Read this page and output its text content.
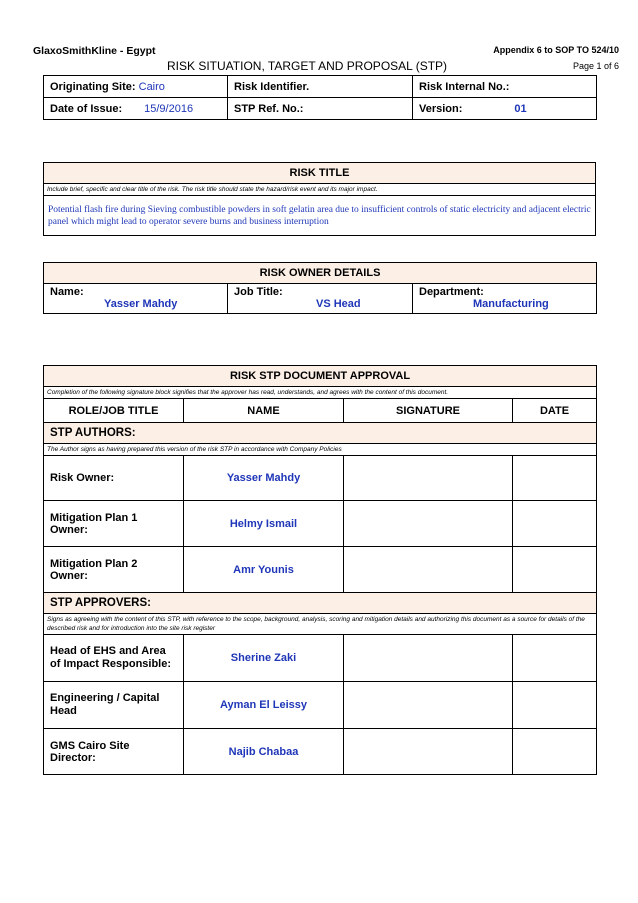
GlaxoSmithKline - Egypt	Appendix 6 to SOP TO 524/10
RISK SITUATION, TARGET AND PROPOSAL (STP)	Page 1 of 6
Originating Site: Cairo	Risk Identifier.	Risk Internal No.:
Date of Issue: 15/9/2016	STP Ref. No.:	Version: 01
RISK TITLE
Include brief, specific and clear title of the risk. The risk title should state the hazard/risk event and its major impact.
Potential flash fire during Sieving combustible powders in soft gelatin area due to insufficient controls of static electricity and adjacent electric panel which might lead to operator severe burns and business interruption
RISK OWNER DETAILS

Name:
Yasser Mahdy

Job Title:
VS Head

Department:
Manufacturing
RISK STP DOCUMENT APPROVAL			
Completion of the following signature block signifies that the approver has read, understands, and agrees with the content of this document.			
ROLE/JOB TITLE	NAME	SIGNATURE	DATE
STP AUTHORS:			
The Author signs as having prepared this version of the risk STP in accordance with Company Policies			
Risk Owner:	Yasser Mahdy		
Mitigation Plan 1 Owner:	Helmy Ismail		
Mitigation Plan 2 Owner:	Amr Younis		
STP APPROVERS:			
Signs as agreeing with the content of this STP, with reference to the scope, background, analysis, scoring and mitigation details and authorizing this document as a source for details of the described risk and for introduction into the site risk register			
Head of EHS and Area of Impact Responsible:	Sherine Zaki		
Engineering / Capital Head	Ayman El Leissy		
GMS Cairo Site Director:	Najib Chabaa		
